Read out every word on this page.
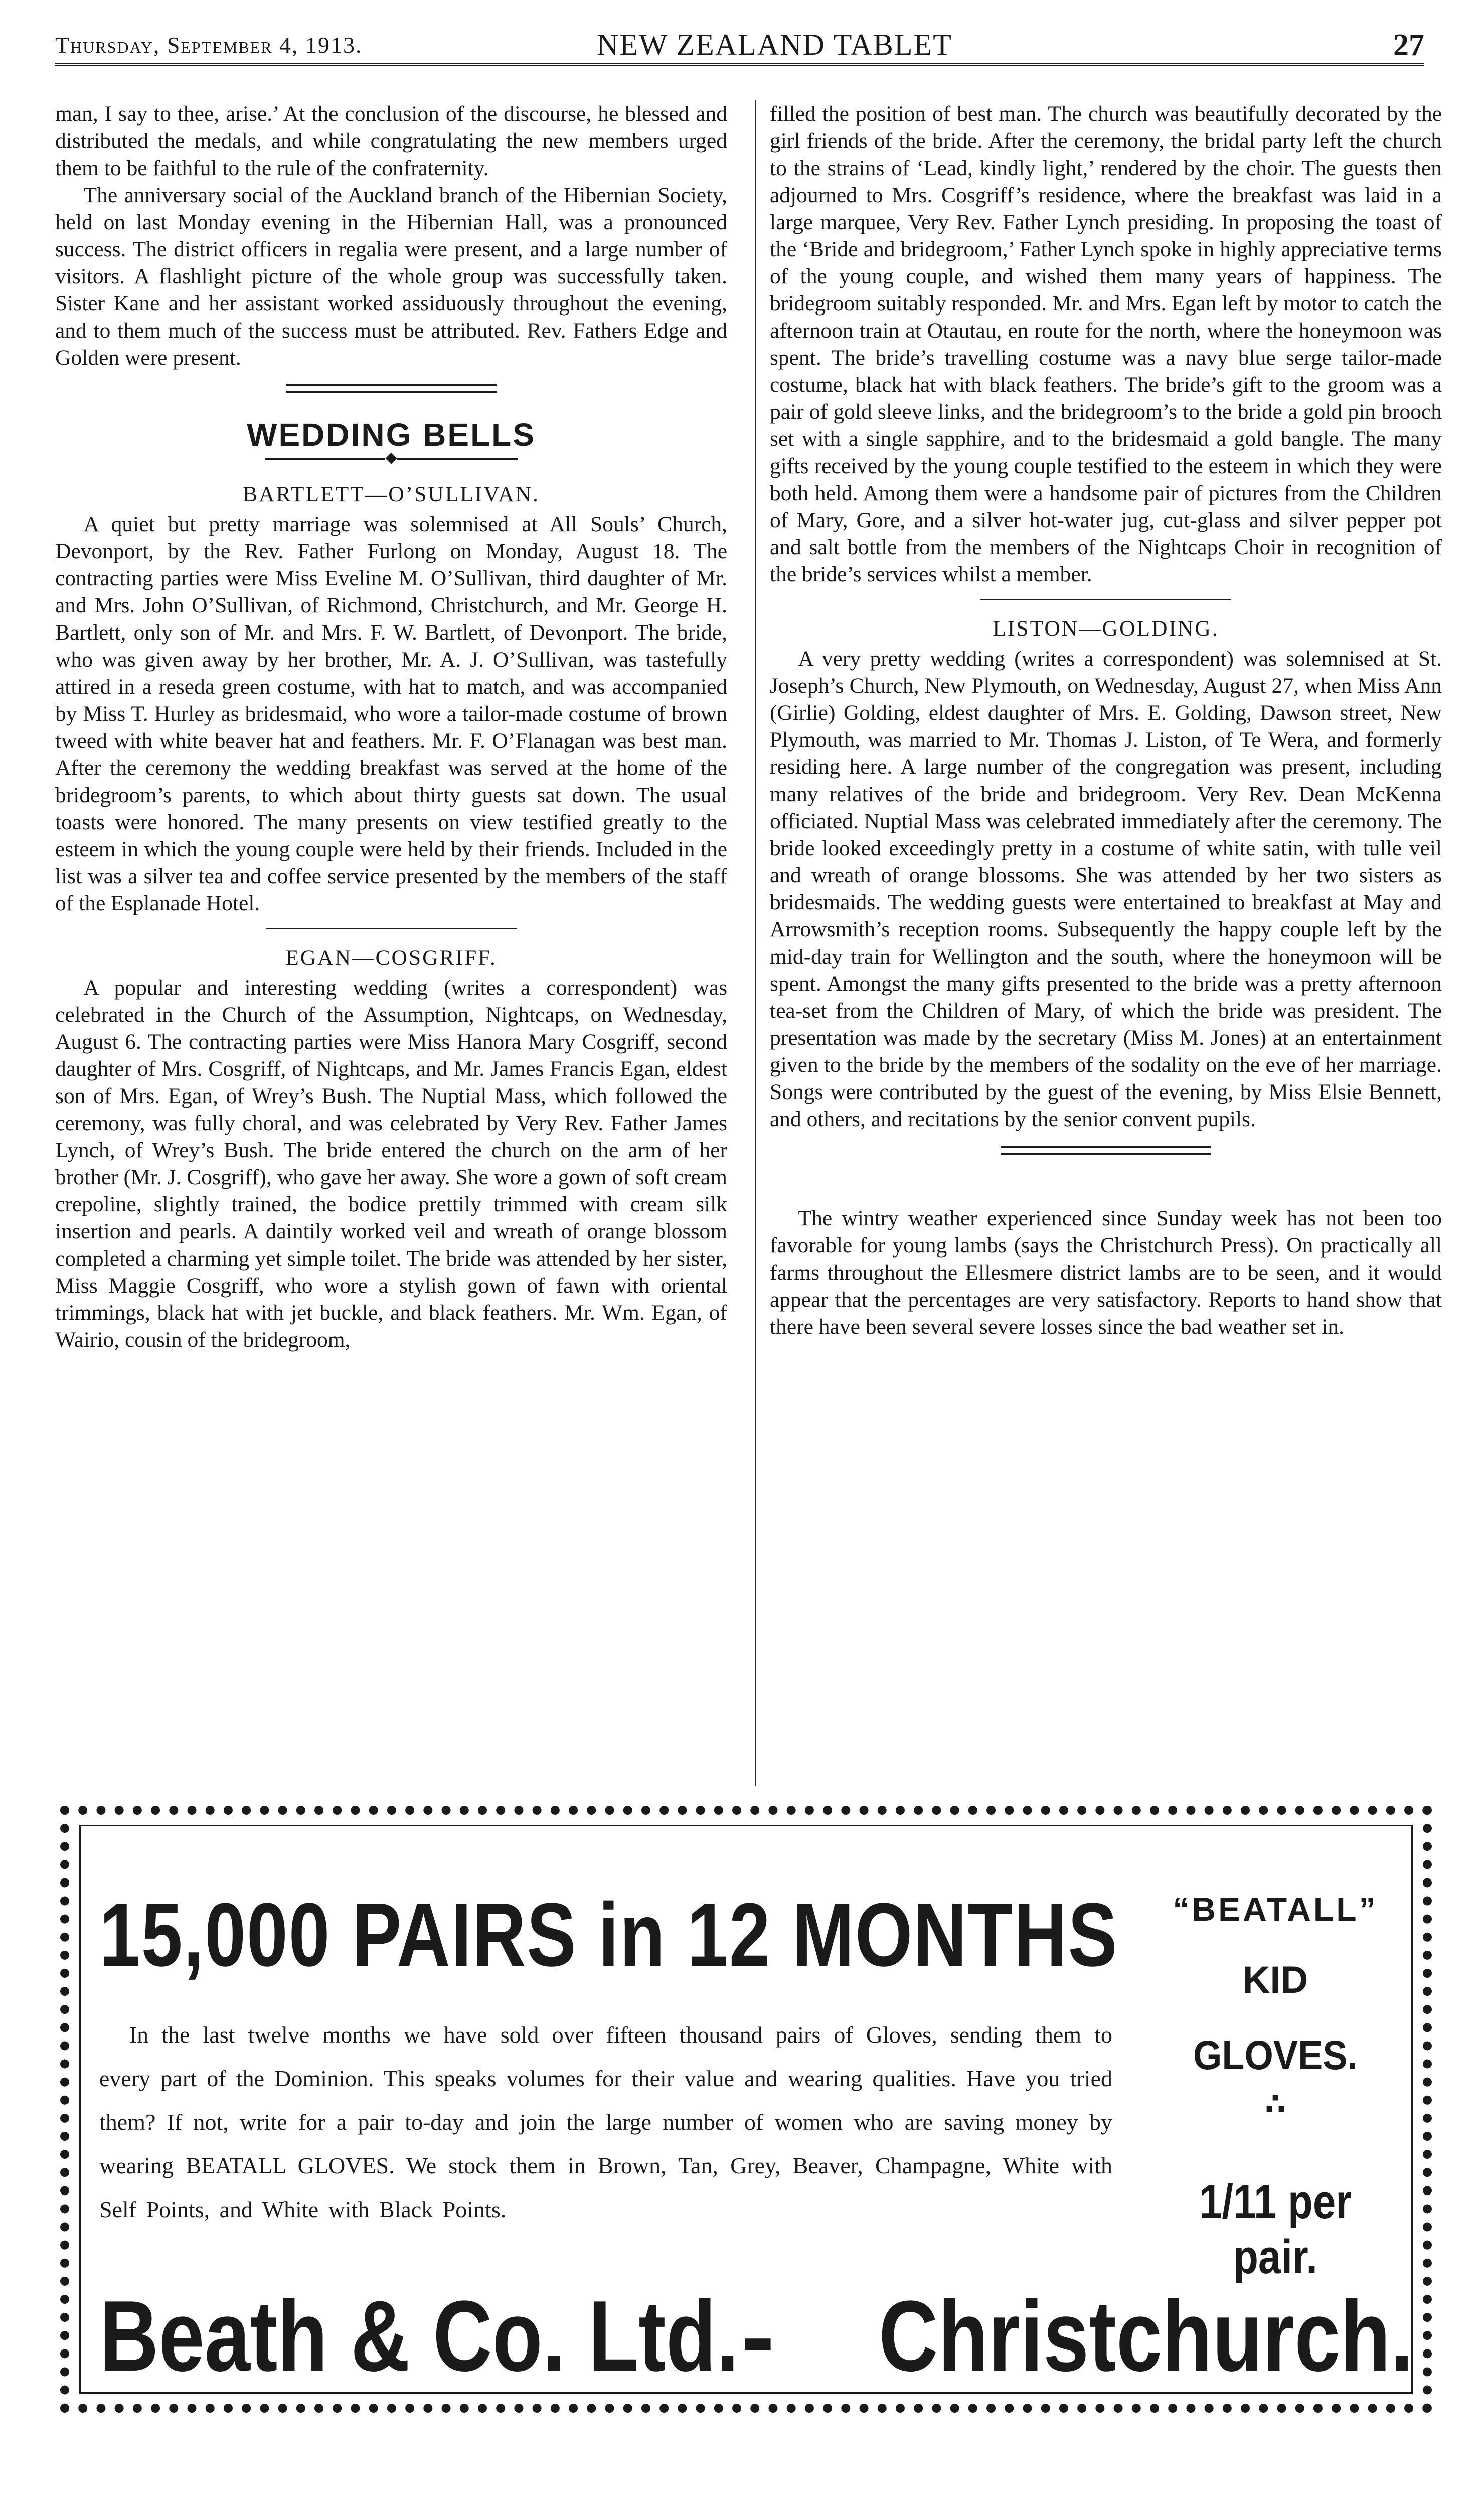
Thursday, September 4, 1913.	NEW ZEALAND TABLET	27

man, I say to thee, arise.’ At the conclusion of the discourse, he blessed and distributed the medals, and while congratulating the new members urged them to be faithful to the rule of the confraternity.

The anniversary social of the Auckland branch of the Hibernian Society, held on last Monday evening in the Hibernian Hall, was a pronounced success. The district officers in regalia were present, and a large number of visitors. A flashlight picture of the whole group was successfully taken. Sister Kane and her assistant worked assiduously throughout the evening, and to them much of the success must be attributed. Rev. Fathers Edge and Golden were present.

WEDDING BELLS
◆

BARTLETT—O’SULLIVAN.

A quiet but pretty marriage was solemnised at All Souls’ Church, Devonport, by the Rev. Father Furlong on Monday, August 18. The contracting parties were Miss Eveline M. O’Sullivan, third daughter of Mr. and Mrs. John O’Sullivan, of Richmond, Christchurch, and Mr. George H. Bartlett, only son of Mr. and Mrs. F. W. Bartlett, of Devonport. The bride, who was given away by her brother, Mr. A. J. O’Sullivan, was tastefully attired in a reseda green costume, with hat to match, and was accompanied by Miss T. Hurley as bridesmaid, who wore a tailor-made costume of brown tweed with white beaver hat and feathers. Mr. F. O’Flanagan was best man. After the ceremony the wedding breakfast was served at the home of the bridegroom’s parents, to which about thirty guests sat down. The usual toasts were honored. The many presents on view testified greatly to the esteem in which the young couple were held by their friends. Included in the list was a silver tea and coffee service presented by the members of the staff of the Esplanade Hotel.

EGAN—COSGRIFF.

A popular and interesting wedding (writes a correspondent) was celebrated in the Church of the Assumption, Nightcaps, on Wednesday, August 6. The contracting parties were Miss Hanora Mary Cosgriff, second daughter of Mrs. Cosgriff, of Nightcaps, and Mr. James Francis Egan, eldest son of Mrs. Egan, of Wrey’s Bush. The Nuptial Mass, which followed the ceremony, was fully choral, and was celebrated by Very Rev. Father James Lynch, of Wrey’s Bush. The bride entered the church on the arm of her brother (Mr. J. Cosgriff), who gave her away. She wore a gown of soft cream crepoline, slightly trained, the bodice prettily trimmed with cream silk insertion and pearls. A daintily worked veil and wreath of orange blossom completed a charming yet simple toilet. The bride was attended by her sister, Miss Maggie Cosgriff, who wore a stylish gown of fawn with oriental trimmings, black hat with jet buckle, and black feathers. Mr. Wm. Egan, of Wairio, cousin of the bridegroom,

filled the position of best man. The church was beautifully decorated by the girl friends of the bride. After the ceremony, the bridal party left the church to the strains of ‘Lead, kindly light,’ rendered by the choir. The guests then adjourned to Mrs. Cosgriff’s residence, where the breakfast was laid in a large marquee, Very Rev. Father Lynch presiding. In proposing the toast of the ‘Bride and bridegroom,’ Father Lynch spoke in highly appreciative terms of the young couple, and wished them many years of happiness. The bridegroom suitably responded. Mr. and Mrs. Egan left by motor to catch the afternoon train at Otautau, en route for the north, where the honeymoon was spent. The bride’s travelling costume was a navy blue serge tailor-made costume, black hat with black feathers. The bride’s gift to the groom was a pair of gold sleeve links, and the bridegroom’s to the bride a gold pin brooch set with a single sapphire, and to the bridesmaid a gold bangle. The many gifts received by the young couple testified to the esteem in which they were both held. Among them were a handsome pair of pictures from the Children of Mary, Gore, and a silver hot-water jug, cut-glass and silver pepper pot and salt bottle from the members of the Nightcaps Choir in recognition of the bride’s services whilst a member.

LISTON—GOLDING.

A very pretty wedding (writes a correspondent) was solemnised at St. Joseph’s Church, New Plymouth, on Wednesday, August 27, when Miss Ann (Girlie) Golding, eldest daughter of Mrs. E. Golding, Dawson street, New Plymouth, was married to Mr. Thomas J. Liston, of Te Wera, and formerly residing here. A large number of the congregation was present, including many relatives of the bride and bridegroom. Very Rev. Dean McKenna officiated. Nuptial Mass was celebrated immediately after the ceremony. The bride looked exceedingly pretty in a costume of white satin, with tulle veil and wreath of orange blossoms. She was attended by her two sisters as bridesmaids. The wedding guests were entertained to breakfast at May and Arrowsmith’s reception rooms. Subsequently the happy couple left by the mid-day train for Wellington and the south, where the honeymoon will be spent. Amongst the many gifts presented to the bride was a pretty afternoon tea-set from the Children of Mary, of which the bride was president. The presentation was made by the secretary (Miss M. Jones) at an entertainment given to the bride by the members of the sodality on the eve of her marriage. Songs were contributed by the guest of the evening, by Miss Elsie Bennett, and others, and recitations by the senior convent pupils.

The wintry weather experienced since Sunday week has not been too favorable for young lambs (says the Christchurch Press). On practically all farms throughout the Ellesmere district lambs are to be seen, and it would appear that the percentages are very satisfactory. Reports to hand show that there have been several severe losses since the bad weather set in.

15,000 PAIRS in 12 MONTHS

In the last twelve months we have sold over fifteen thousand pairs of Gloves, sending them to every part of the Dominion. This speaks volumes for their value and wearing qualities. Have you tried them? If not, write for a pair to-day and join the large number of women who are saving money by wearing BEATALL GLOVES. We stock them in Brown, Tan, Grey, Beaver, Champagne, White with Self Points, and White with Black Points.

“BEATALL”
KID
GLOVES.
∴
1/11 per pair.
Beath & Co. Ltd. - Christchurch.
